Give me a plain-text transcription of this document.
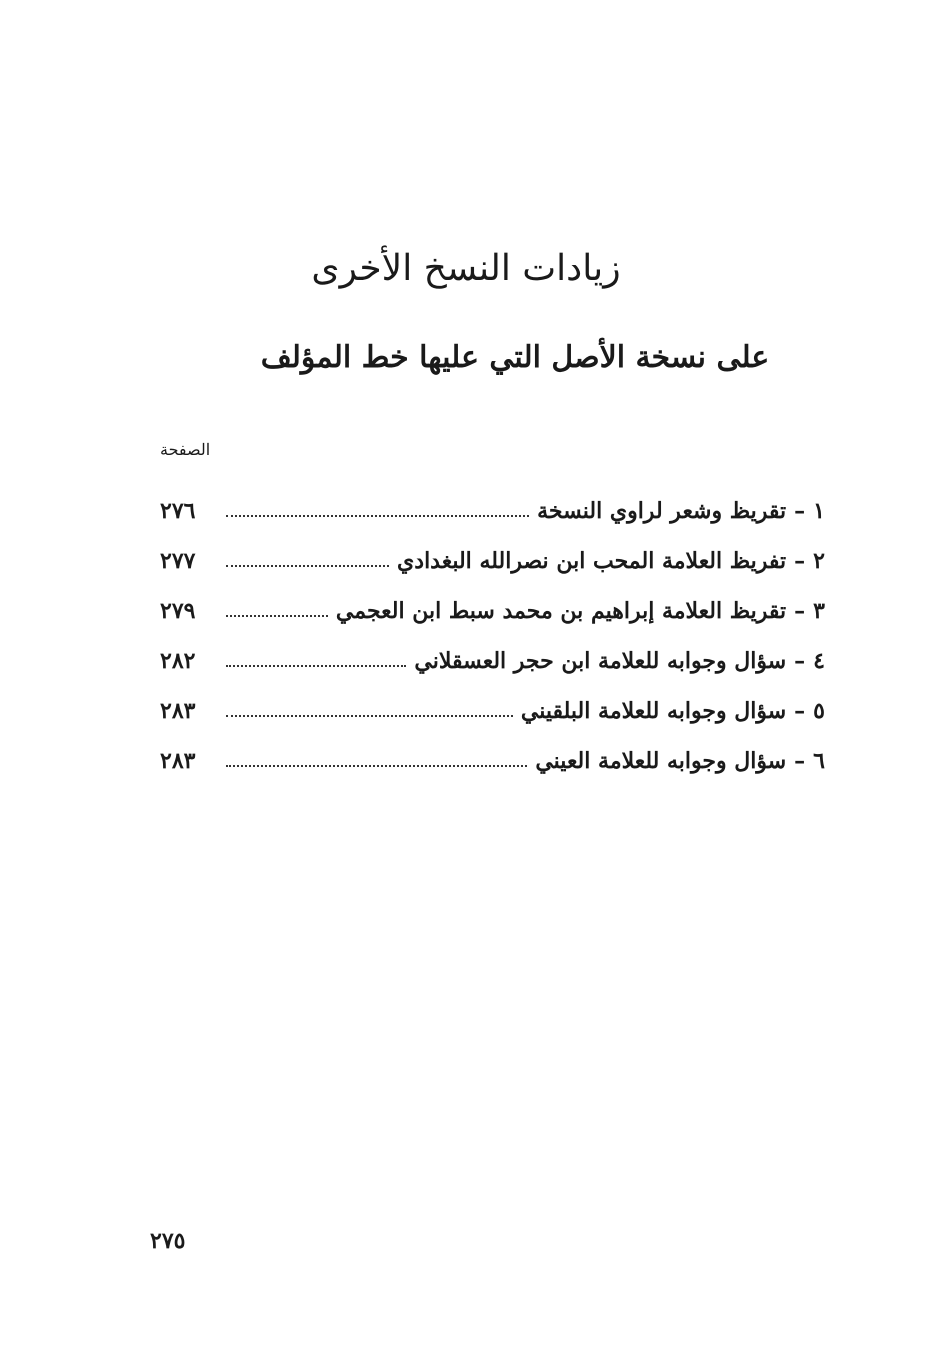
زيادات النسخ الأخرى
على نسخة الأصل التي عليها خط المؤلف
الصفحة
١
–
تقريظ وشعر لراوي النسخة
٢٧٦
٢
–
تفريظ العلامة المحب ابن نصرالله البغدادي
٢٧٧
٣
–
تقريظ العلامة إبراهيم بن محمد سبط ابن العجمي
٢٧٩
٤
–
سؤال وجوابه للعلامة ابن حجر العسقلاني
٢٨٢
٥
–
سؤال وجوابه للعلامة البلقيني
٢٨٣
٦
–
سؤال وجوابه للعلامة العيني
٢٨٣
٢٧٥
